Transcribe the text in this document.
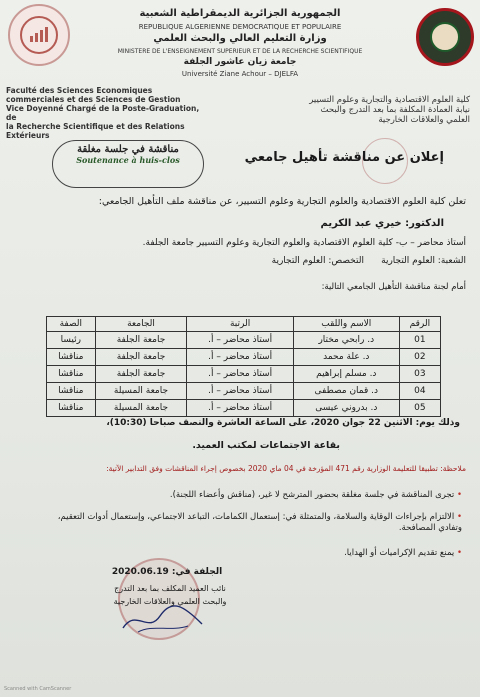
الجمهورية الجزائرية الديمقراطية الشعبية
REPUBLIQUE ALGERIENNE DEMOCRATIQUE ET POPULAIRE
وزارة التعليم العالي والبحث العلمي
MINISTERE DE L'ENSEIGNEMENT SUPERIEUR ET DE LA RECHERCHE SCIENTIFIQUE
جامعة زيان عاشور الجلفة
Université Ziane Achour – DJELFA
Faculté des Sciences Economiques
commerciales et des Sciences de Gestion
Vice Doyenné Chargé de la Poste-Graduation, de
la Recherche Scientifique et des Relations
Extérieurs
كلية العلوم الاقتصادية والتجارية وعلوم التسيير
نيابة العمادة المكلفة بما بعد التدرج والبحث
العلمي والعلاقات الخارجية
مناقشة في جلسة مغلقة
Soutenance à huis-clos	إعلان عن مناقشة تأهيل جامعي
تعلن كلية العلوم الاقتصادية والعلوم التجارية وعلوم التسيير، عن مناقشة ملف التأهيل الجامعي:
الدكتور: خيري عبد الكريم
أستاذ محاضر – ب- كلية العلوم الاقتصادية والعلوم التجارية وعلوم التسيير جامعة الجلفة.
الشعبة: العلوم التجارية      التخصص: العلوم التجارية
أمام لجنة مناقشة التأهيل الجامعي التالية:
الرقم	الاسم واللقب	الرتبة	الجامعة	الصفة
01	د. رابحي مختار	أستاذ محاضر – أ.	جامعة الجلفة	رئيسا
02	د. علة محمد	أستاذ محاضر – أ.	جامعة الجلفة	مناقشا
03	د. مسلم إبراهيم	أستاذ محاضر – أ.	جامعة الجلفة	مناقشا
04	د. قمان مصطفى	أستاذ محاضر – أ.	جامعة المسيلة	مناقشا
05	د. بدروني عيسى	أستاذ محاضر – أ.	جامعة المسيلة	مناقشا
وذلك يوم: الاثنين 22 جوان 2020، على الساعة العاشرة والنصف صباحا (10:30)،
بقاعة الاجتماعات لمكتب العميد.
ملاحظة: تطبيقا للتعليمة الوزارية رقم 471 المؤرخة في 04 ماي 2020 بخصوص إجراء المناقشات وفق التدابير الآتية:
• تجرى المناقشة في جلسة مغلقة بحضور المترشح لا غير، (مناقش وأعضاء اللجنة).
• الالتزام بإجراءات الوقاية والسلامة، والمتمثلة في: إستعمال الكمامات، التباعد الاجتماعي، وإستعمال أدوات التعقيم، وتفادي المصافحة.
• يمنع تقديم الإكراميات أو الهدايا.
الجلفة في: 2020.06.19
نائب العميد المكلف بما بعد التدرج
والبحث العلمي والعلاقات الخارجية
Scanned with CamScanner
